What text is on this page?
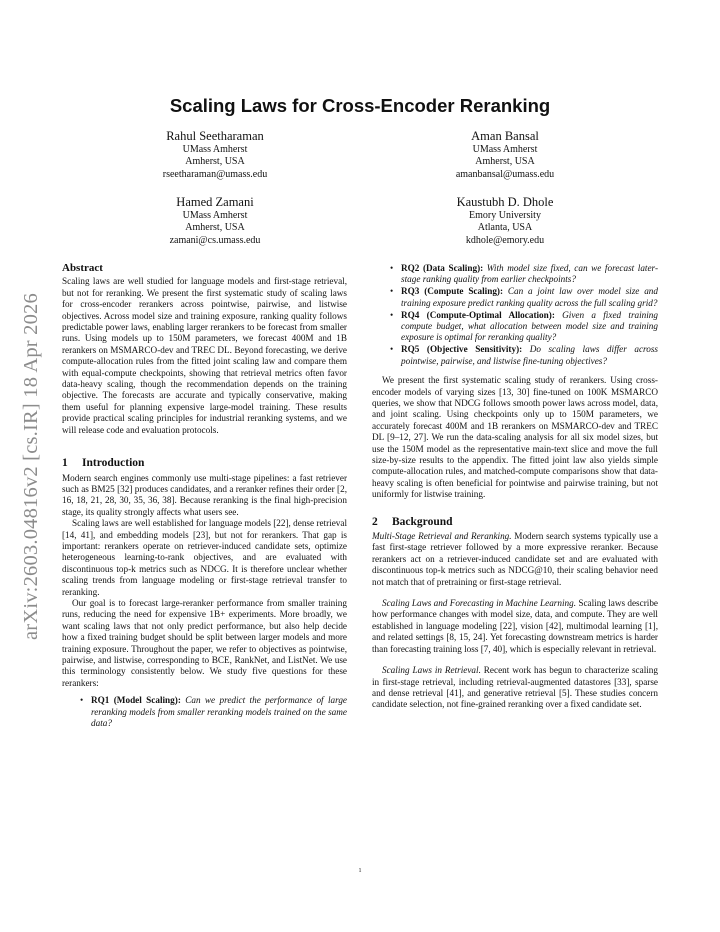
arXiv:2603.04816v2 [cs.IR] 18 Apr 2026
Scaling Laws for Cross-Encoder Reranking
Rahul Seetharaman
UMass Amherst
Amherst, USA
rseetharaman@umass.edu
Aman Bansal
UMass Amherst
Amherst, USA
amanbansal@umass.edu
Hamed Zamani
UMass Amherst
Amherst, USA
zamani@cs.umass.edu
Kaustubh D. Dhole
Emory University
Atlanta, USA
kdhole@emory.edu
Abstract

Scaling laws are well studied for language models and first-stage retrieval, but not for reranking. We present the first systematic study of scaling laws for cross-encoder rerankers across pointwise, pairwise, and listwise objectives. Across model size and training exposure, ranking quality follows predictable power laws, enabling larger rerankers to be forecast from smaller runs. Using models up to 150M parameters, we forecast 400M and 1B rerankers on MSMARCO-dev and TREC DL. Beyond forecasting, we derive compute-allocation rules from the fitted joint scaling law and compare them with equal-compute checkpoints, showing that retrieval metrics often favor data-heavy scaling, though the recommendation depends on the training objective. The forecasts are accurate and typically conservative, making them useful for planning expensive large-model training. These results provide practical scaling principles for industrial reranking systems, and we will release code and evaluation protocols.

1 Introduction

Modern search engines commonly use multi-stage pipelines: a fast retriever such as BM25 [32] produces candidates, and a reranker refines their order [2, 16, 18, 21, 28, 30, 35, 36, 38]. Because reranking is the final high-precision stage, its quality strongly affects what users see.

Scaling laws are well established for language models [22], dense retrieval [14, 41], and embedding models [23], but not for rerankers. That gap is important: rerankers operate on retriever-induced candidate sets, optimize heterogeneous learning-to-rank objectives, and are evaluated with discontinuous top-k metrics such as NDCG. It is therefore unclear whether scaling trends from language modeling or first-stage retrieval transfer to reranking.

Our goal is to forecast large-reranker performance from smaller training runs, reducing the need for expensive 1B+ experiments. More broadly, we want scaling laws that not only predict performance, but also help decide how a fixed training budget should be split between larger models and more training exposure. Throughout the paper, we refer to objectives as pointwise, pairwise, and listwise, corresponding to BCE, RankNet, and ListNet. We use this terminology consistently below. We study five questions for these rerankers:

• RQ1 (Model Scaling): Can we predict the performance of large reranking models from smaller reranking models trained on the same data?
• RQ2 (Data Scaling): With model size fixed, can we forecast later-stage ranking quality from earlier checkpoints?
• RQ3 (Compute Scaling): Can a joint law over model size and training exposure predict ranking quality across the full scaling grid?
• RQ4 (Compute-Optimal Allocation): Given a fixed training compute budget, what allocation between model size and training exposure is optimal for reranking quality?
• RQ5 (Objective Sensitivity): Do scaling laws differ across pointwise, pairwise, and listwise fine-tuning objectives?

We present the first systematic scaling study of rerankers. Using cross-encoder models of varying sizes [13, 30] fine-tuned on 100K MSMARCO queries, we show that NDCG follows smooth power laws across model, data, and joint scaling. Using checkpoints only up to 150M parameters, we accurately forecast 400M and 1B rerankers on MSMARCO-dev and TREC DL [9–12, 27]. We run the data-scaling analysis for all six model sizes, but use the 150M model as the representative main-text slice and move the full size-by-size results to the appendix. The fitted joint law also yields simple compute-allocation rules, and matched-compute comparisons show that data-heavy scaling is often beneficial for pointwise and pairwise training, but not uniformly for listwise training.

2 Background

Multi-Stage Retrieval and Reranking. Modern search systems typically use a fast first-stage retriever followed by a more expressive reranker. Because rerankers act on a retriever-induced candidate set and are evaluated with discontinuous top-k metrics such as NDCG@10, their scaling behavior need not match that of pretraining or first-stage retrieval.

Scaling Laws and Forecasting in Machine Learning. Scaling laws describe how performance changes with model size, data, and compute. They are well established in language modeling [22], vision [42], multimodal learning [1], and related settings [8, 15, 24]. Yet forecasting downstream metrics is harder than forecasting training loss [7, 40], which is especially relevant in retrieval.

Scaling Laws in Retrieval. Recent work has begun to characterize scaling in first-stage retrieval, including retrieval-augmented datastores [33], sparse and dense retrieval [41], and generative retrieval [5]. These studies concern candidate selection, not fine-grained reranking over a fixed candidate set.

1
